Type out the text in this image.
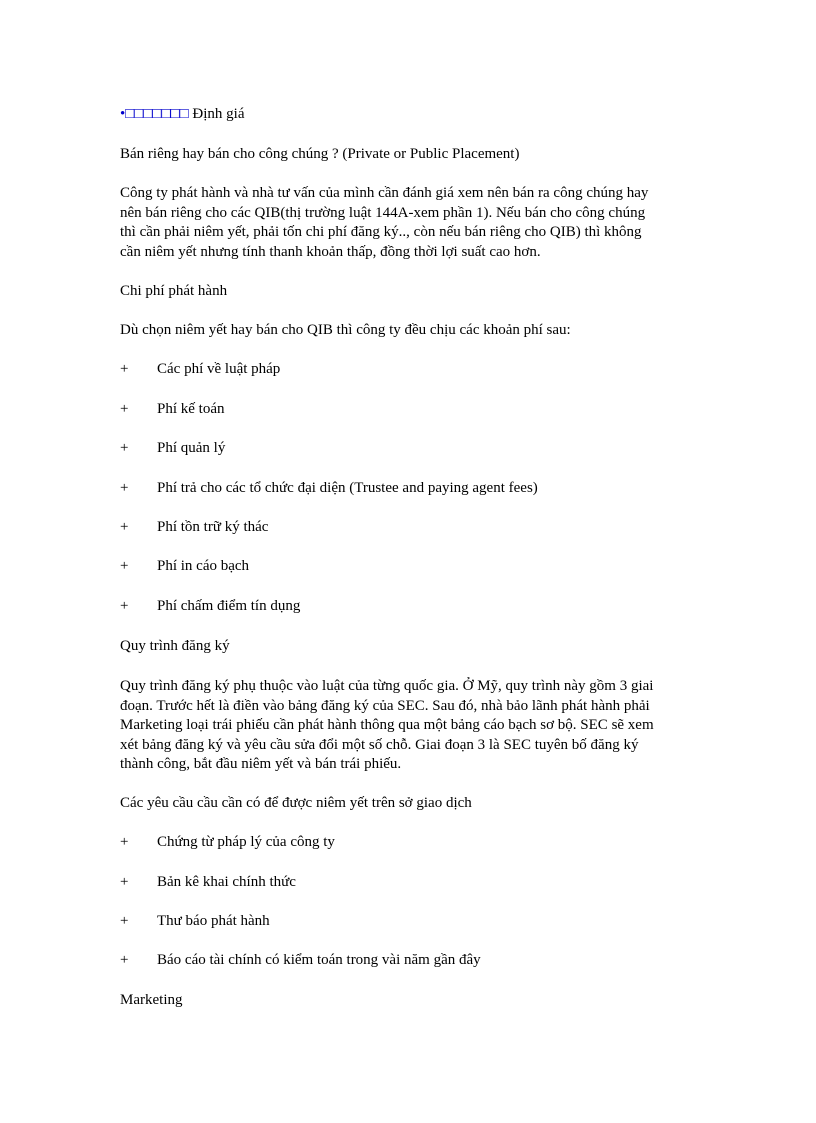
•□□□□□□□ Định giá
Bán riêng hay bán cho công chúng ? (Private or Public Placement)
Công ty phát hành và nhà tư vấn của mình cần đánh giá xem nên bán ra công chúng hay
nên bán riêng cho các QIB(thị trường luật 144A-xem phần 1). Nếu bán cho công chúng
thì cần phải niêm yết, phải tốn chi phí đăng ký.., còn nếu bán riêng cho QIB) thì không
cần niêm yết nhưng tính thanh khoản thấp, đồng thời lợi suất cao hơn.
Chi phí phát hành
Dù chọn niêm yết hay bán cho QIB thì công ty đều chịu các khoản phí sau:
+ Các phí về luật pháp
+ Phí kế toán
+ Phí quản lý
+ Phí trả cho các tổ chức đại diện (Trustee and paying agent fees)
+ Phí tồn trữ ký thác
+ Phí in cáo bạch
+ Phí chấm điểm tín dụng
Quy trình đăng ký
Quy trình đăng ký phụ thuộc vào luật của từng quốc gia. Ở Mỹ, quy trình này gồm 3 giai
đoạn. Trước hết là điền vào bảng đăng ký của SEC. Sau đó, nhà bảo lãnh phát hành phải
Marketing loại trái phiếu cần phát hành thông qua một bảng cáo bạch sơ bộ. SEC sẽ xem
xét bảng đăng ký và yêu cầu sửa đổi một số chỗ. Giai đoạn 3 là SEC tuyên bố đăng ký
thành công, bắt đầu niêm yết và bán trái phiếu.
Các yêu cầu cầu cần có để được niêm yết trên sở giao dịch
+ Chứng từ pháp lý của công ty
+ Bản kê khai chính thức
+ Thư báo phát hành
+ Báo cáo tài chính có kiểm toán trong vài năm gần đây
Marketing
